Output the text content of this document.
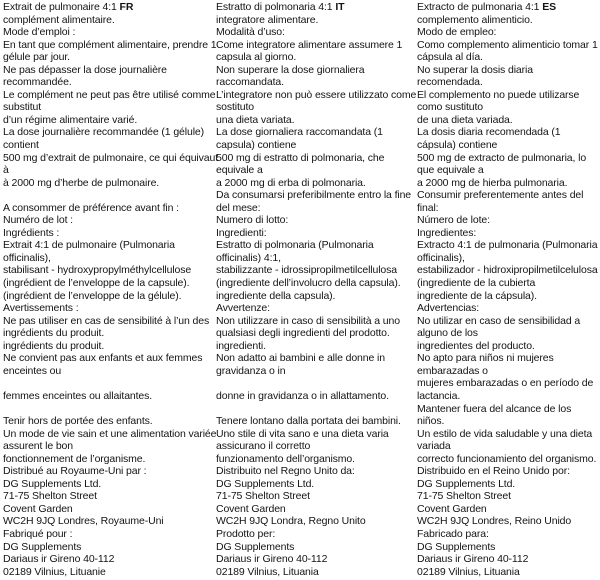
Extrait de pulmonaire 4:1 FR
complément alimentaire.
Mode d’emploi :
En tant que complément alimentaire, prendre 1
gélule par jour.
Ne pas dépasser la dose journalière
recommandée.
Le complément ne peut pas être utilisé comme
substitut
d’un régime alimentaire varié.
La dose journalière recommandée (1 gélule)
contient
500 mg d’extrait de pulmonaire, ce qui équivaut
à
à 2000 mg d’herbe de pulmonaire.

A consommer de préférence avant fin :
Numéro de lot :
Ingrédients :
Extrait 4:1 de pulmonaire (Pulmonaria
officinalis),
stabilisant - hydroxypropylméthylcellulose
(ingrédient de l’enveloppe de la capsule).
(ingrédient de l’enveloppe de la gélule).
Avertissements :
Ne pas utiliser en cas de sensibilité à l’un des
ingrédients du produit.
ingrédients du produit.
Ne convient pas aux enfants et aux femmes
enceintes ou

femmes enceintes ou allaitantes.

Tenir hors de portée des enfants.
Un mode de vie sain et une alimentation variée
assurent le bon
fonctionnement de l’organisme.
Distribué au Royaume-Uni par :
DG Supplements Ltd.
71-75 Shelton Street
Covent Garden
WC2H 9JQ Londres, Royaume-Uni
Fabriqué pour :
DG Supplements
Dariaus ir Gireno 40-112
02189 Vilnius, Lituanie
Estratto di polmonaria 4:1 IT
integratore alimentare.
Modalità d’uso:
Come integratore alimentare assumere 1
capsula al giorno.
Non superare la dose giornaliera
raccomandata.
L’integratore non può essere utilizzato come
sostituto
una dieta variata.
La dose giornaliera raccomandata (1
capsula) contiene
500 mg di estratto di polmonaria, che
equivale a
a 2000 mg di erba di polmonaria.
Da consumarsi preferibilmente entro la fine
del mese:
Numero di lotto:
Ingredienti:
Estratto di polmonaria (Pulmonaria
officinalis) 4:1,
stabilizzante - idrossipropilmetilcellulosa
(ingrediente dell’involucro della capsula).
ingrediente della capsula).
Avvertenze:
Non utilizzare in caso di sensibilità a uno
qualsiasi degli ingredienti del prodotto.
ingredienti.
Non adatto ai bambini e alle donne in
gravidanza o in

donne in gravidanza o in allattamento.

Tenere lontano dalla portata dei bambini.
Uno stile di vita sano e una dieta varia
assicurano il corretto
funzionamento dell’organismo.
Distribuito nel Regno Unito da:
DG Supplements Ltd.
71-75 Shelton Street
Covent Garden
WC2H 9JQ Londra, Regno Unito
Prodotto per:
DG Supplements
Dariaus ir Gireno 40-112
02189 Vilnius, Lituania
Extracto de pulmonaria 4:1 ES
complemento alimenticio.
Modo de empleo:
Como complemento alimenticio tomar 1
cápsula al día.
No superar la dosis diaria
recomendada.
El complemento no puede utilizarse
como sustituto
de una dieta variada.
La dosis diaria recomendada (1
cápsula) contiene
500 mg de extracto de pulmonaria, lo
que equivale a
a 2000 mg de hierba pulmonaria.
Consumir preferentemente antes del
final:
Número de lote:
Ingredientes:
Extracto 4:1 de pulmonaria (Pulmonaria
officinalis),
estabilizador - hidroxipropilmetilcelulosa
(ingrediente de la cubierta
ingrediente de la cápsula).
Advertencias:
No utilizar en caso de sensibilidad a
alguno de los
ingredientes del producto.
No apto para niños ni mujeres
embarazadas o
mujeres embarazadas o en período de
lactancia.
Mantener fuera del alcance de los
niños.
Un estilo de vida saludable y una dieta
variada
correcto funcionamiento del organismo.
Distribuido en el Reino Unido por:
DG Supplements Ltd.
71-75 Shelton Street
Covent Garden
WC2H 9JQ Londres, Reino Unido
Fabricado para:
DG Supplements
Dariaus ir Gireno 40-112
02189 Vilnius, Lituania
